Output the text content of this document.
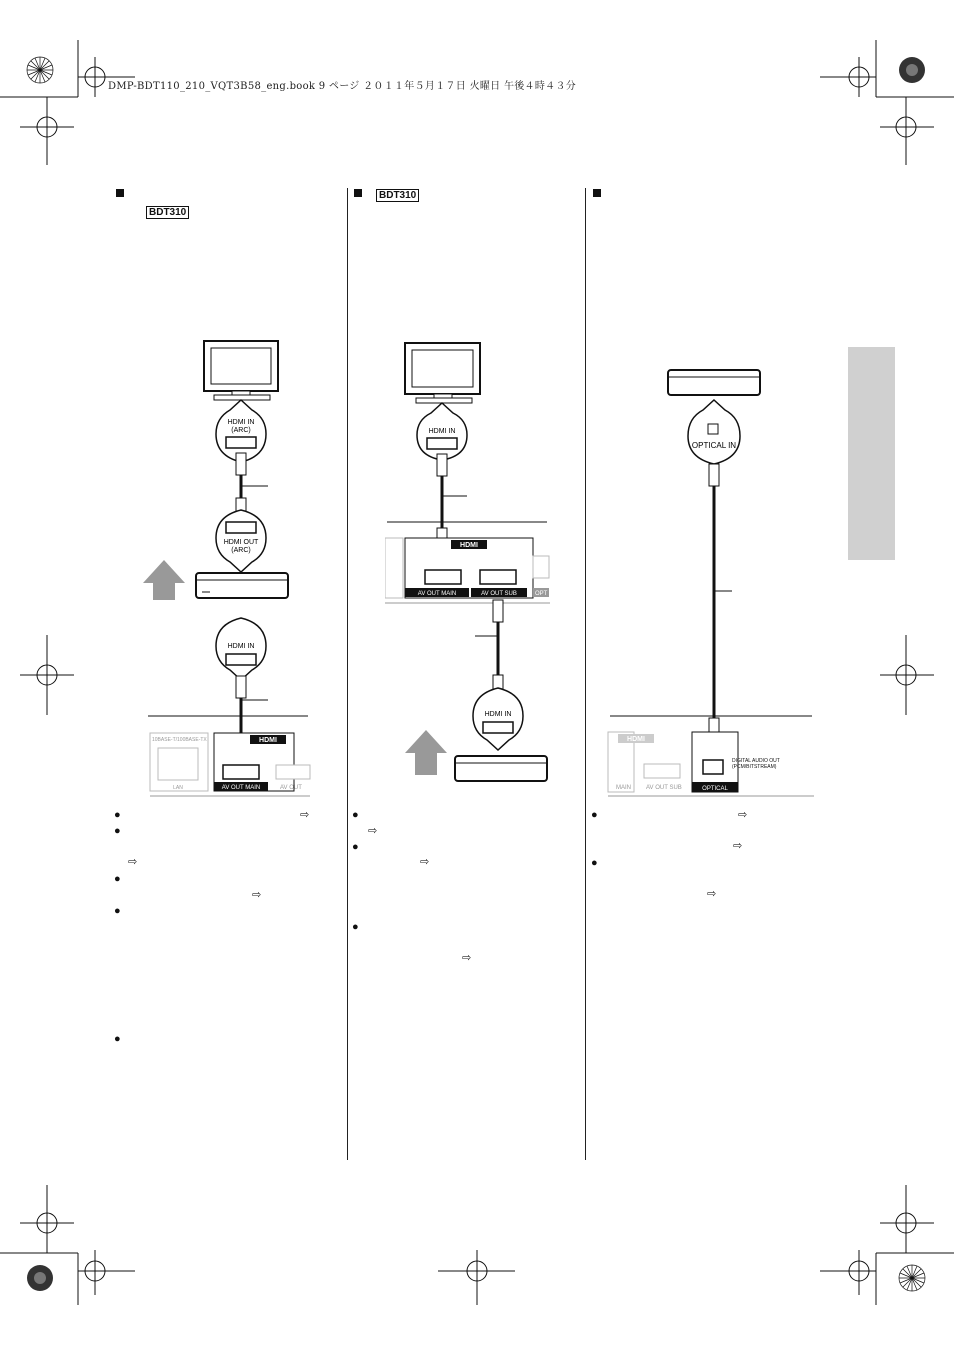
DMP-BDT110_210_VQT3B58_eng.book 9 ページ ２０１１年５月１７日 火曜日 午後４時４３分
BDT310
BDT310
HDMI IN
(ARC)
HDMI OUT
(ARC)
HDMI IN
10BASE-T/100BASE-TX
LAN
HDMI
AV OUT MAIN	AV OUT
HDMI IN
HDMI
AV OUT MAIN	AV OUT SUB	OPT
HDMI IN
OPTICAL IN
HDMI
MAIN	AV OUT SUB
DIGITAL AUDIO OUT
(PCM/BITSTREAM)
OPTICAL
●	⇨
●
⇨
●
⇨
●
●
●
⇨
●
⇨
●
⇨
●	⇨
⇨
●
⇨
